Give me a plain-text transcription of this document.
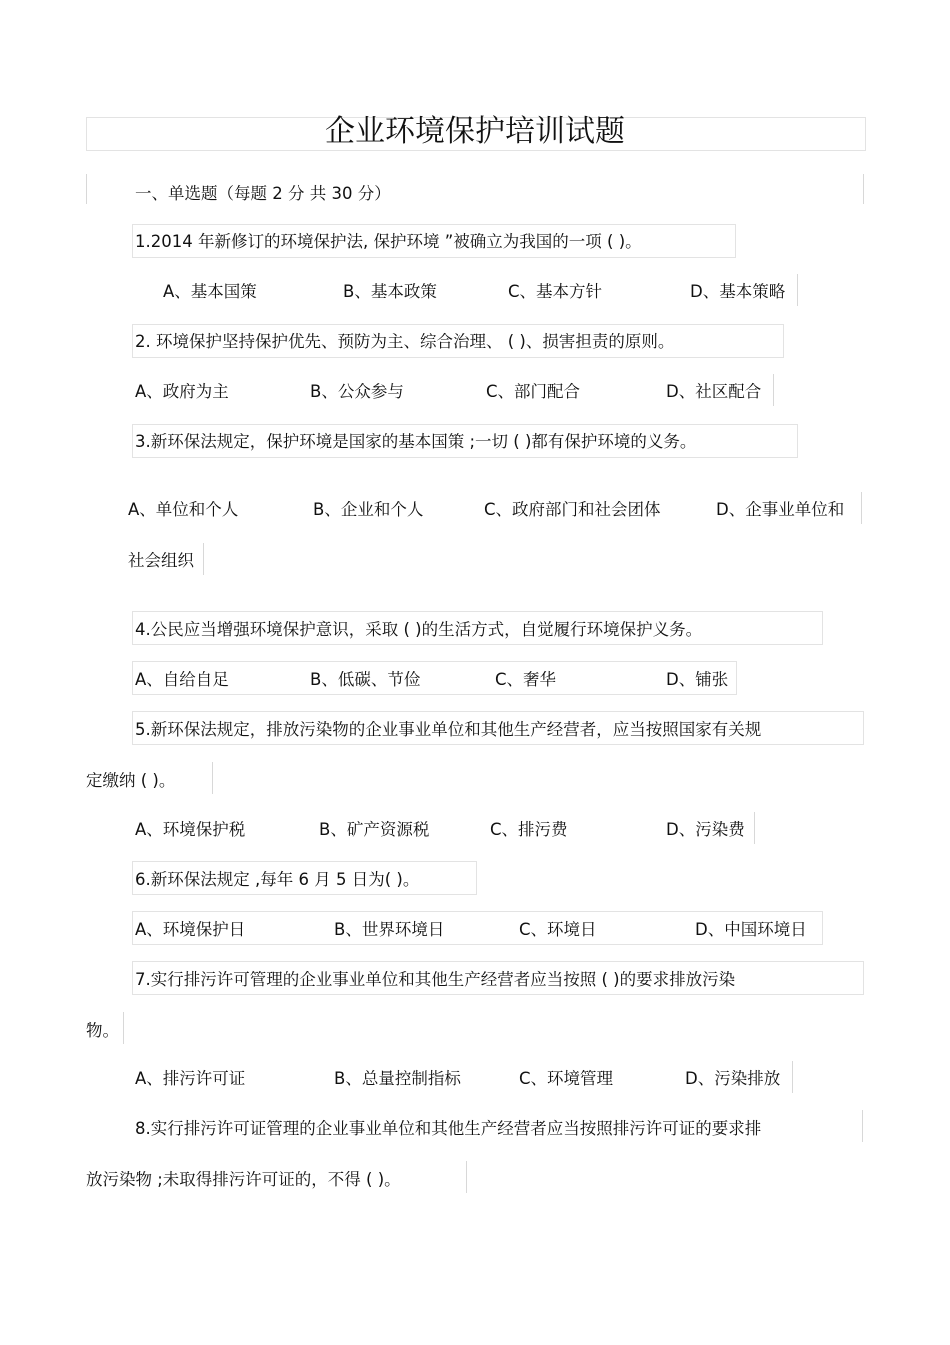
企业环境保护培训试题
一、单选题（每题 2 分 共 30 分）
1.2014 年新修订的环境保护法, 保护环境 ”被确立为我国的一项 ( )。
A、基本国策	B、基本政策	C、基本方针	D、基本策略
2. 环境保护坚持保护优先、预防为主、综合治理、 ( )、损害担责的原则。
A、政府为主	B、公众参与	C、部门配合	D、社区配合
3.新环保法规定，保护环境是国家的基本国策 ;一切 ( )都有保护环境的义务。
A、单位和个人	B、企业和个人	C、政府部门和社会团体	D、企事业单位和
社会组织
4.公民应当增强环境保护意识，采取 ( )的生活方式，自觉履行环境保护义务。
A、自给自足	B、低碳、节俭	C、奢华	D、铺张
5.新环保法规定，排放污染物的企业事业单位和其他生产经营者，应当按照国家有关规
定缴纳 ( )。
A、环境保护税	B、矿产资源税	C、排污费	D、污染费
6.新环保法规定 ,每年 6 月 5 日为( )。
A、环境保护日	B、世界环境日	C、环境日	D、中国环境日
7.实行排污许可管理的企业事业单位和其他生产经营者应当按照 ( )的要求排放污染
物。
A、排污许可证	B、总量控制指标	C、环境管理	D、污染排放
8.实行排污许可证管理的企业事业单位和其他生产经营者应当按照排污许可证的要求排
放污染物 ;未取得排污许可证的，不得 ( )。
